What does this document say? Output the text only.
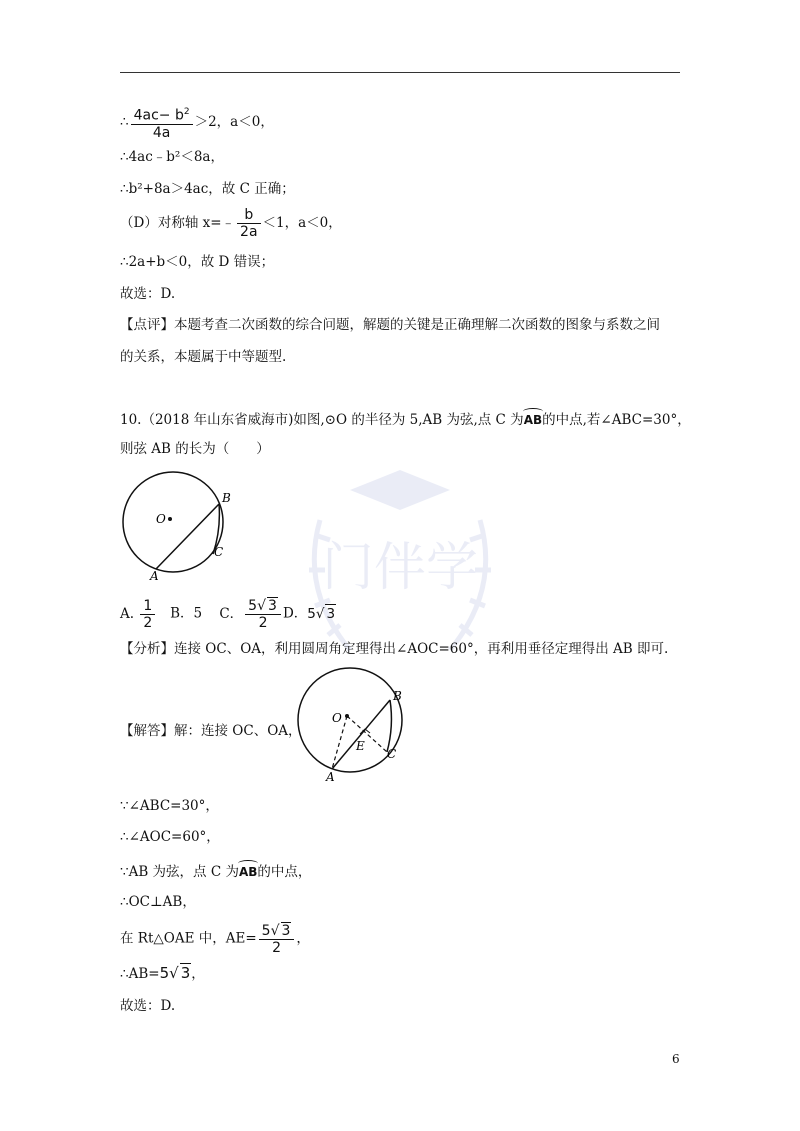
门伴学
∴ $\frac{4ac- b^2}{4a} >2$，a＜0，
∴4ac﹣b²＜8a，
∴b²+8a＞4ac，故 C 正确；
（D）对称轴 x=﹣ $\frac{b}{2a} <1$，a＜0，
∴2a+b＜0，故 D 错误；
故选：D.
【点评】本题考查二次函数的综合问题，解题的关键是正确理解二次函数的图象与系数之间
的关系，本题属于中等题型.
10.（2018 年山东省威海市)如图,⊙O 的半径为 5,AB 为弦,点 C 为AB的中点,若∠ABC=30°，
则弦 AB 的长为（　　）
O
B
C
A
A. $\frac{1}{2}$ B．5 C． $\frac{5√ 3}{2}$ D．5√ 3
【分析】连接 OC、OA，利用圆周角定理得出∠AOC=60°，再利用垂径定理得出 AB 即可.
【解答】解：连接 OC、OA，
O
B
C
E
A
∵∠ABC=30°，
∴∠AOC=60°，
∵AB 为弦，点 C 为AB的中点，
∴OC⊥AB，
在 Rt△OAE 中，$AE= \frac{5√ 3}{2}$ ，
∴AB=5√ 3，
故选：D.
6
